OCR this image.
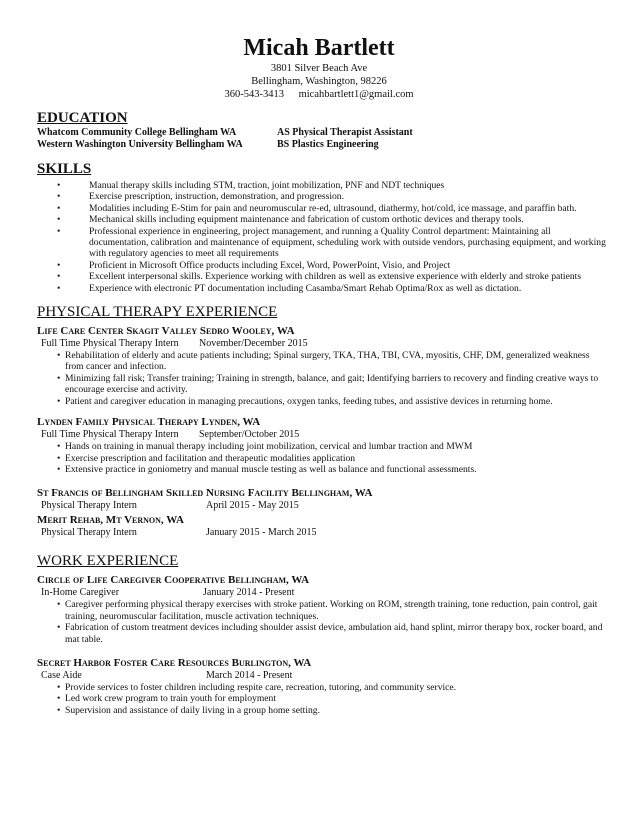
Micah Bartlett
3801 Silver Beach Ave
Bellingham, Washington, 98226
360-543-3413 micahbartlett1@gmail.com
EDUCATION
Whatcom Community College Bellingham WA	AS Physical Therapist Assistant
Western Washington University Bellingham WA	BS Plastics Engineering
SKILLS
• Manual therapy skills including STM, traction, joint mobilization, PNF and NDT techniques
• Exercise prescription, instruction, demonstration, and progression.
• Modalities including E-Stim for pain and neuromuscular re-ed, ultrasound, diathermy, hot/cold, ice massage, and paraffin bath.
• Mechanical skills including equipment maintenance and fabrication of custom orthotic devices and therapy tools.
• Professional experience in engineering, project management, and running a Quality Control department: Maintaining all documentation, calibration and maintenance of equipment, scheduling work with outside vendors, purchasing equipment, and working with regulatory agencies to meet all requirements
• Proficient in Microsoft Office products including Excel, Word, PowerPoint, Visio, and Project
• Excellent interpersonal skills. Experience working with children as well as extensive experience with elderly and stroke patients
• Experience with electronic PT documentation including Casamba/Smart Rehab Optima/Rox as well as dictation.
PHYSICAL THERAPY EXPERIENCE
Life Care Center Skagit Valley Sedro Wooley, WA
Full Time Physical Therapy Intern	November/December 2015
• Rehabilitation of elderly and acute patients including; Spinal surgery, TKA, THA, TBI, CVA, myositis, CHF, DM, generalized weakness from cancer and infection.
• Minimizing fall risk; Transfer training; Training in strength, balance, and gait; Identifying barriers to recovery and finding creative ways to encourage exercise and activity.
• Patient and caregiver education in managing precautions, oxygen tanks, feeding tubes, and assistive devices in returning home.
Lynden Family Physical Therapy Lynden, WA
Full Time Physical Therapy Intern	September/October 2015
• Hands on training in manual therapy including joint mobilization, cervical and lumbar traction and MWM
• Exercise prescription and facilitation and therapeutic modalities application
• Extensive practice in goniometry and manual muscle testing as well as balance and functional assessments.
St Francis of Bellingham Skilled Nursing Facility Bellingham, WA
Physical Therapy Intern	April 2015 - May 2015
Merit Rehab, Mt Vernon, WA
Physical Therapy Intern	January 2015 - March 2015
WORK EXPERIENCE
Circle of Life Caregiver Cooperative Bellingham, WA
In-Home Caregiver	January 2014 - Present
• Caregiver performing physical therapy exercises with stroke patient. Working on ROM, strength training, tone reduction, pain control, gait training, neuromuscular facilitation, muscle activation techniques.
• Fabrication of custom treatment devices including shoulder assist device, ambulation aid, hand splint, mirror therapy box, rocker board, and mat table.
Secret Harbor Foster Care Resources Burlington, WA
Case Aide	March 2014 - Present
• Provide services to foster children including respite care, recreation, tutoring, and community service.
• Led work crew program to train youth for employment
• Supervision and assistance of daily living in a group home setting.
